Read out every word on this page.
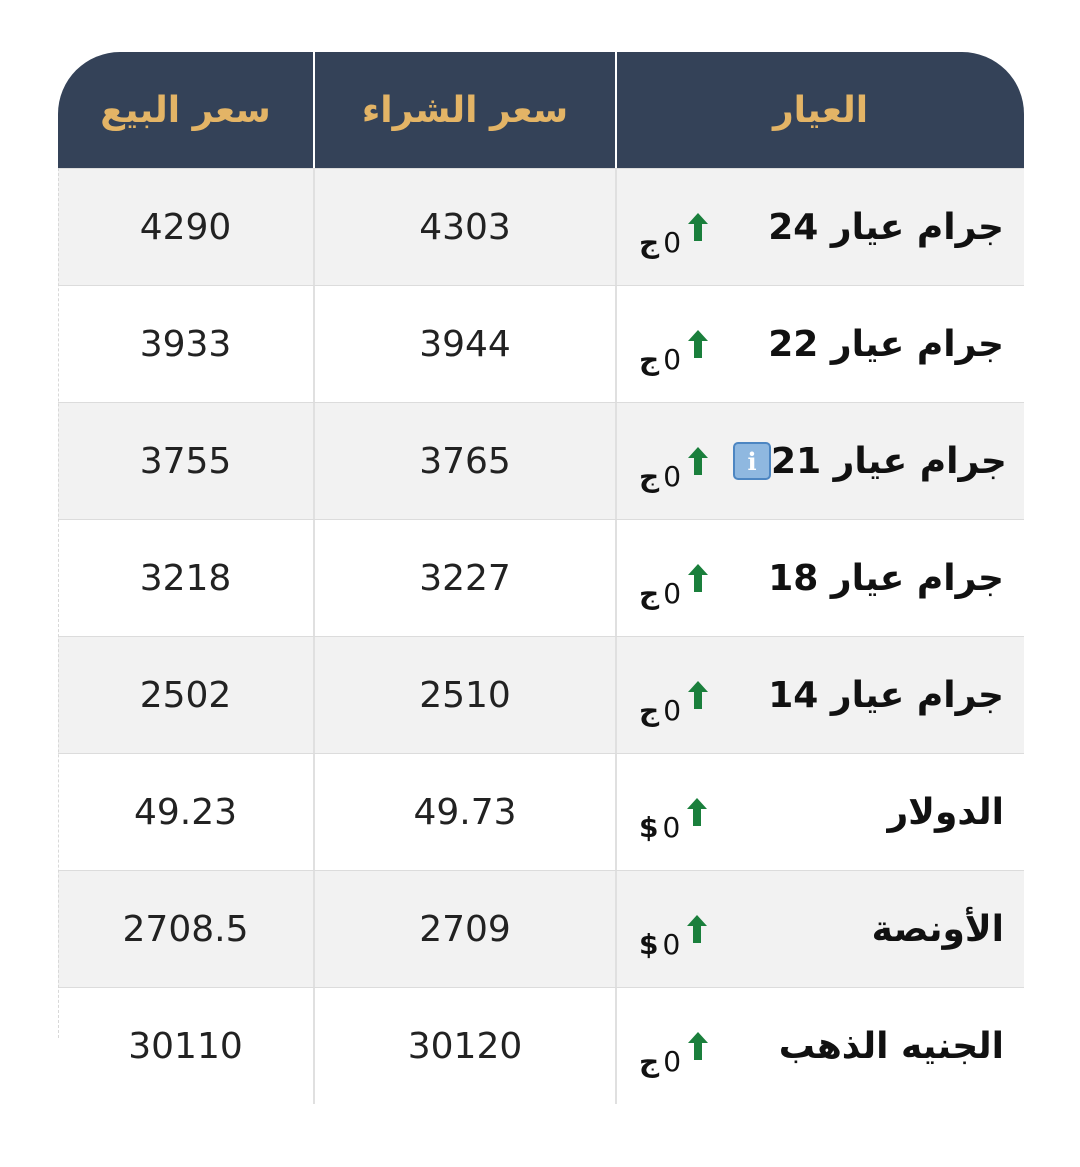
سعر البيع	سعر الشراء	العيار
4290	4303	ج 0 جرام عيار 24
3933	3944	ج 0 جرام عيار 22
3755	3765	ج 0	i جرام عيار 21
3218	3227	ج 0 جرام عيار 18
2502	2510	ج 0 جرام عيار 14
49.23	49.73	$ 0	الدولار
2708.5	2709	$ 0	الأونصة
30110	30120	ج 0	الجنيه الذهب
